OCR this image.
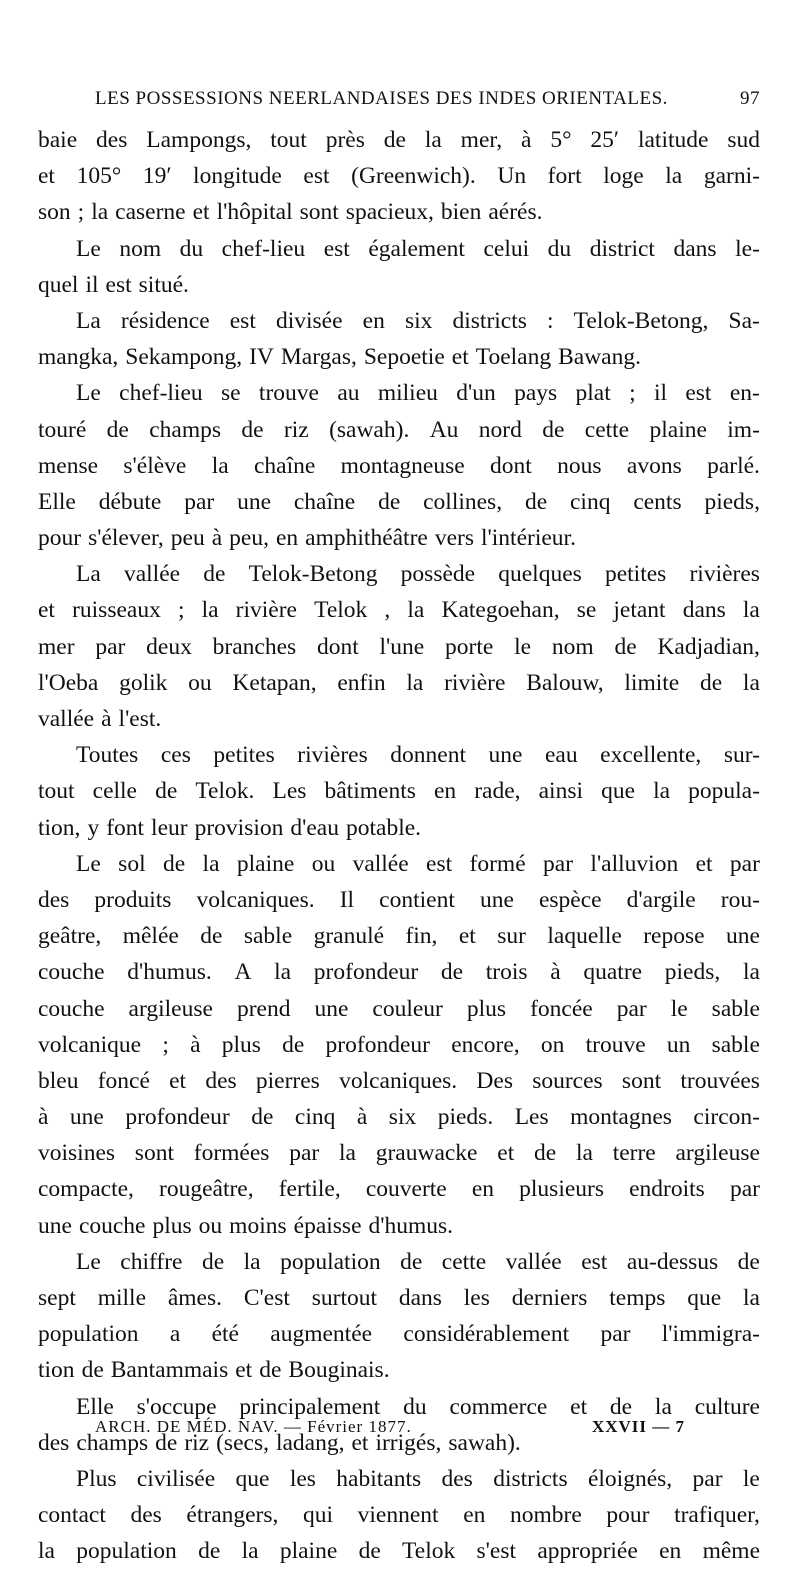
LES POSSESSIONS NEERLANDAISES DES INDES ORIENTALES.	97
baie des Lampongs, tout près de la mer, à 5° 25′ latitude sud
et 105° 19′ longitude est (Greenwich). Un fort loge la garni-
son ; la caserne et l'hôpital sont spacieux, bien aérés.
Le nom du chef-lieu est également celui du district dans le-
quel il est situé.
La résidence est divisée en six districts : Telok-Betong, Sa-
mangka, Sekampong, IV Margas, Sepoetie et Toelang Bawang.
Le chef-lieu se trouve au milieu d'un pays plat ; il est en-
touré de champs de riz (sawah). Au nord de cette plaine im-
mense s'élève la chaîne montagneuse dont nous avons parlé.
Elle débute par une chaîne de collines, de cinq cents pieds,
pour s'élever, peu à peu, en amphithéâtre vers l'intérieur.
La vallée de Telok-Betong possède quelques petites rivières
et ruisseaux ; la rivière Telok , la Kategoehan, se jetant dans la
mer par deux branches dont l'une porte le nom de Kadjadian,
l'Oeba golik ou Ketapan, enfin la rivière Balouw, limite de la
vallée à l'est.
Toutes ces petites rivières donnent une eau excellente, sur-
tout celle de Telok. Les bâtiments en rade, ainsi que la popula-
tion, y font leur provision d'eau potable.
Le sol de la plaine ou vallée est formé par l'alluvion et par
des produits volcaniques. Il contient une espèce d'argile rou-
geâtre, mêlée de sable granulé fin, et sur laquelle repose une
couche d'humus. A la profondeur de trois à quatre pieds, la
couche argileuse prend une couleur plus foncée par le sable
volcanique ; à plus de profondeur encore, on trouve un sable
bleu foncé et des pierres volcaniques. Des sources sont trouvées
à une profondeur de cinq à six pieds. Les montagnes circon-
voisines sont formées par la grauwacke et de la terre argileuse
compacte, rougeâtre, fertile, couverte en plusieurs endroits par
une couche plus ou moins épaisse d'humus.
Le chiffre de la population de cette vallée est au-dessus de
sept mille âmes. C'est surtout dans les derniers temps que la
population a été augmentée considérablement par l'immigra-
tion de Bantammais et de Bouginais.
Elle s'occupe principalement du commerce et de la culture
des champs de riz (secs, ladang, et irrigés, sawah).
Plus civilisée que les habitants des districts éloignés, par le
contact des étrangers, qui viennent en nombre pour trafiquer,
la population de la plaine de Telok s'est appropriée en même
ARCH. DE MÉD. NAV. — Février 1877.	XXVII — 7
